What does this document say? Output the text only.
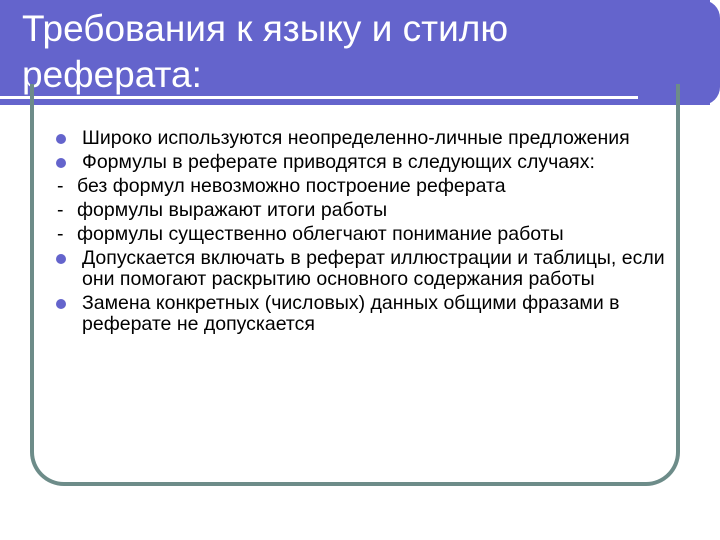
Требования к языку и стилю реферата:

Широко используются неопределенно-личные предложения

Формулы в реферате приводятся в следующих случаях:

- без формул невозможно построение реферата

- формулы выражают итоги работы

- формулы существенно облегчают понимание работы

Допускается включать в реферат иллюстрации и таблицы, если они помогают раскрытию основного содержания работы

Замена конкретных (числовых) данных общими фразами в реферате не допускается
